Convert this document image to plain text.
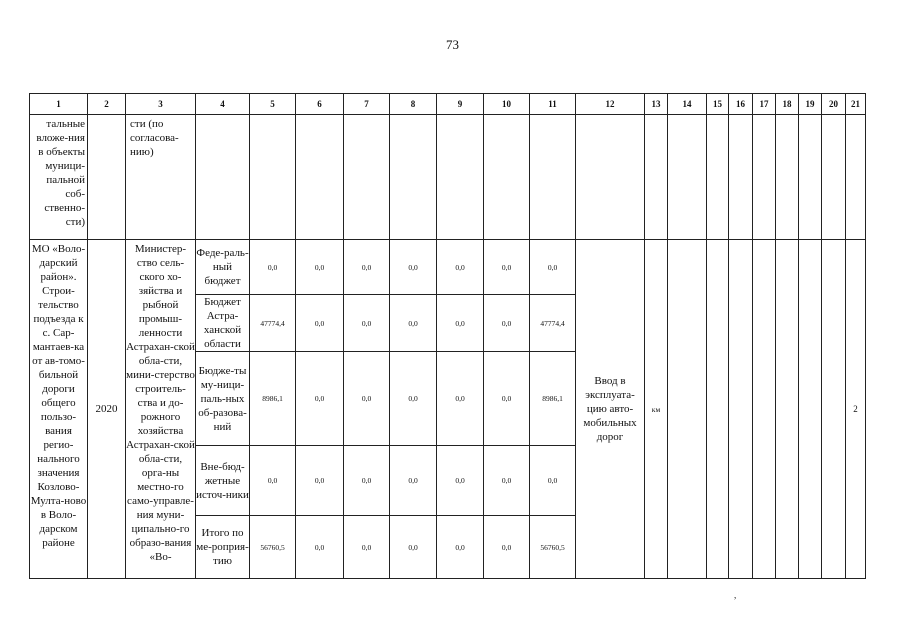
73
1	2	3	4	5	6	7	8	9	10	11	12	13	14	15	16	17	18	19	20	21
тальные вложе-ния в объекты муници-пальной соб-ственно-сти)		сти (по согласова-нию)																		
МО «Воло-дарский район». Строи-тельство подъезда к с. Сар-мантаев-ка от ав-томо-бильной дороги общего пользо-вания регио-нального значения Козлово-Мулта-ново в Воло-дарском районе	2020	Министер-ство сель-ского хо-зяйства и рыбной промыш-ленности Астрахан-ской обла-сти, мини-стерство строитель-ства и до-рожного хозяйства Астрахан-ской обла-сти, орга-ны местно-го само-управле-ния муни-ципально-го образо-вания «Во-	Феде-раль-ный бюджет	0,0	0,0	0,0	0,0	0,0	0,0	0,0	Ввод в эксплуата-цию авто-мобильных дорог	км								2
			Бюджет Астра-ханской области	47774,4	0,0	0,0	0,0	0,0	0,0	47774,4										
			Бюдже-ты му-ници-паль-ных об-разова-ний	8986,1	0,0	0,0	0,0	0,0	0,0	8986,1										
			Вне-бюд-жетные источ-ники	0,0	0,0	0,0	0,0	0,0	0,0	0,0										
			Итого по ме-роприя-тию	56760,5	0,0	0,0	0,0	0,0	0,0	56760,5										
,
